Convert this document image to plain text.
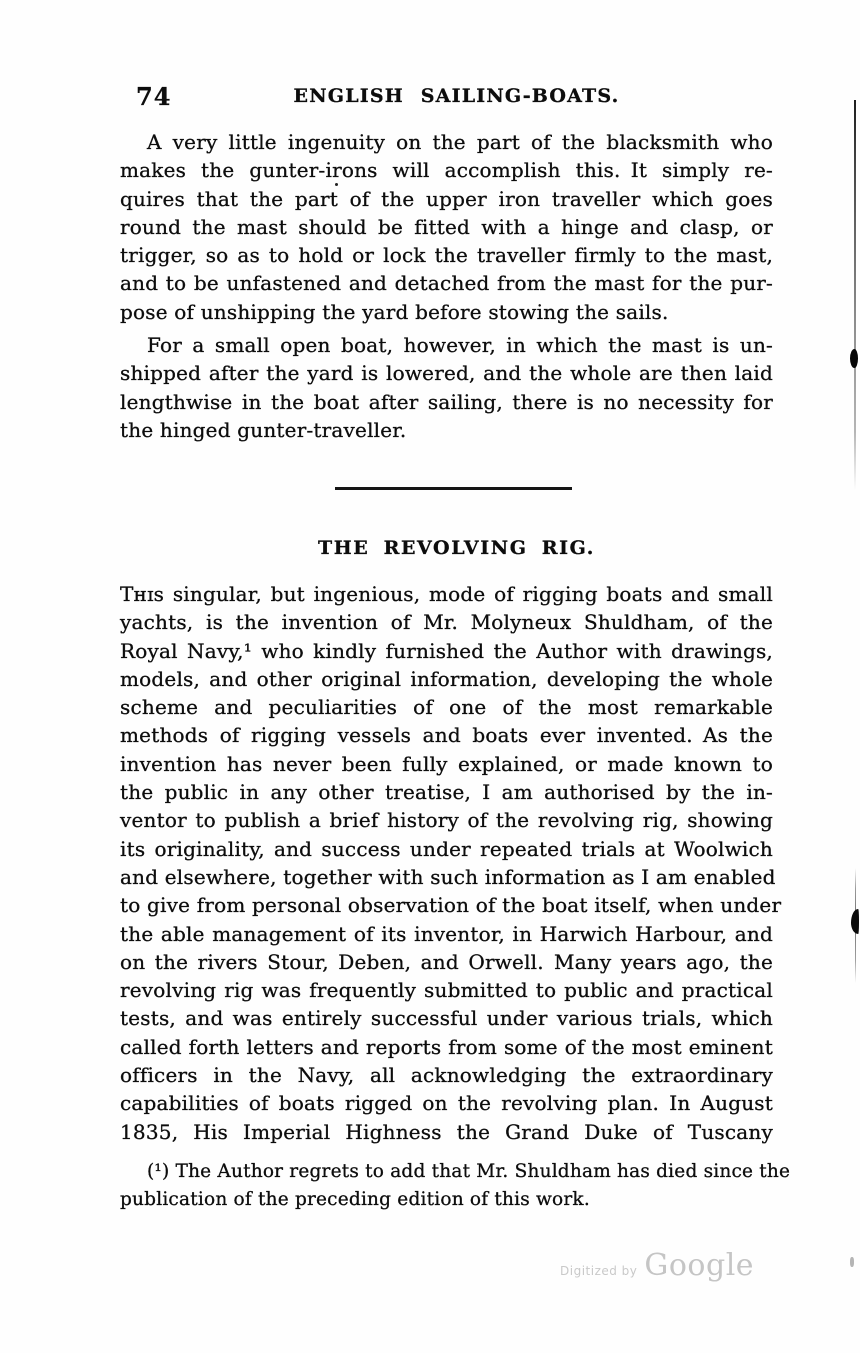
74	ENGLISH SAILING-BOATS.
A very little ingenuity on the part of the blacksmith who
makes the gunter-irons will accomplish this. It simply re-
quires that the part of the upper iron traveller which goes
round the mast should be fitted with a hinge and clasp, or
trigger, so as to hold or lock the traveller firmly to the mast,
and to be unfastened and detached from the mast for the pur-
pose of unshipping the yard before stowing the sails.
For a small open boat, however, in which the mast is un-
shipped after the yard is lowered, and the whole are then laid
lengthwise in the boat after sailing, there is no necessity for
the hinged gunter-traveller.
THE REVOLVING RIG.
Tʜɪs singular, but ingenious, mode of rigging boats and small
yachts, is the invention of Mr. Molyneux Shuldham, of the
Royal Navy,¹ who kindly furnished the Author with drawings,
models, and other original information, developing the whole
scheme and peculiarities of one of the most remarkable
methods of rigging vessels and boats ever invented. As the
invention has never been fully explained, or made known to
the public in any other treatise, I am authorised by the in-
ventor to publish a brief history of the revolving rig, showing
its originality, and success under repeated trials at Woolwich
and elsewhere, together with such information as I am enabled
to give from personal observation of the boat itself, when under
the able management of its inventor, in Harwich Harbour, and
on the rivers Stour, Deben, and Orwell. Many years ago, the
revolving rig was frequently submitted to public and practical
tests, and was entirely successful under various trials, which
called forth letters and reports from some of the most eminent
officers in the Navy, all acknowledging the extraordinary
capabilities of boats rigged on the revolving plan. In August
1835, His Imperial Highness the Grand Duke of Tuscany
(¹) The Author regrets to add that Mr. Shuldham has died since the
publication of the preceding edition of this work.
Digitized by Google
